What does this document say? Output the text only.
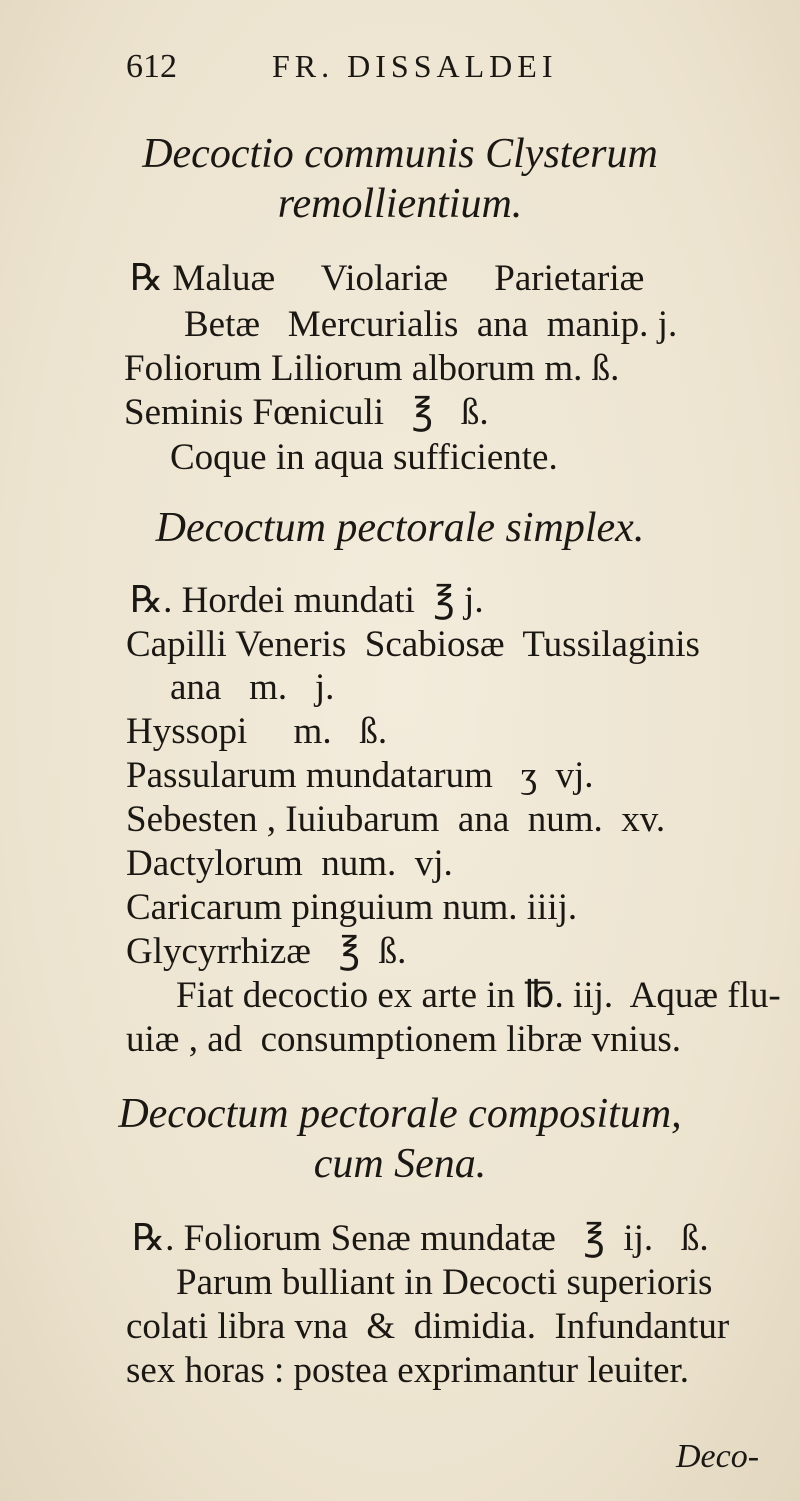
612	FR. DISSALDEI
Decoctio communis Clysterum
remollientium.
℞ Maluæ     Violariæ     Parietariæ
Betæ   Mercurialis  ana  manip. j.
Foliorum Liliorum alborum m. ß.
Seminis Fœniculi   ℥   ß.
Coque in aqua sufficiente.
Decoctum pectorale simplex.
℞. Hordei mundati  ℥ j.
Capilli Veneris  Scabiosæ  Tussilaginis
ana   m.   j.
Hyssopi     m.   ß.
Passularum mundatarum   ʒ  vj.
Sebesten , Iuiubarum  ana  num.  xv.
Dactylorum  num.  vj.
Caricarum pinguium num. iiij.
Glycyrrhizæ   ℥  ß.
Fiat decoctio ex arte in ℔. iij.  Aquæ flu-
uiæ , ad  consumptionem libræ vnius.
Decoctum pectorale compositum,
cum Sena.
℞. Foliorum Senæ mundatæ   ℥  ij.   ß.
Parum bulliant in Decocti superioris
colati libra vna  &  dimidia.  Infundantur
sex horas : postea exprimantur leuiter.
Deco-
